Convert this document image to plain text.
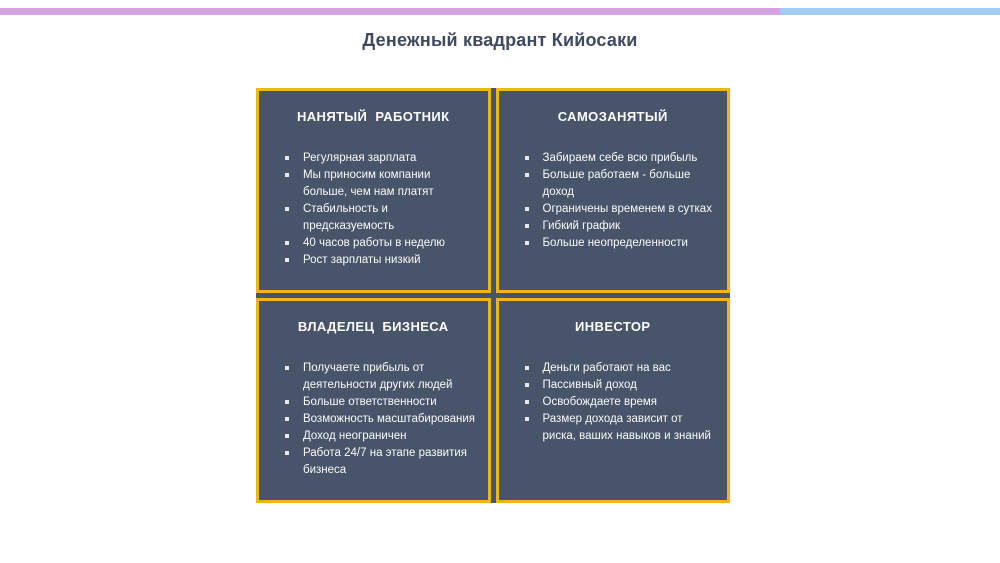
Денежный квадрант Кийосаки
НАНЯТЫЙ РАБОТНИК
Регулярная зарплата
Мы приносим компании больше, чем нам платят
Стабильность и предсказуемость
40 часов работы в неделю
Рост зарплаты низкий
САМОЗАНЯТЫЙ
Забираем себе всю прибыль
Больше работаем - больше доход
Ограничены временем в сутках
Гибкий график
Больше неопределенности
ВЛАДЕЛЕЦ БИЗНЕСА
Получаете прибыль от деятельности других людей
Больше ответственности
Возможность масштабирования
Доход неограничен
Работа 24/7 на этапе развития бизнеса
ИНВЕСТОР
Деньги работают на вас
Пассивный доход
Освобождаете время
Размер дохода зависит от риска, ваших навыков и знаний
